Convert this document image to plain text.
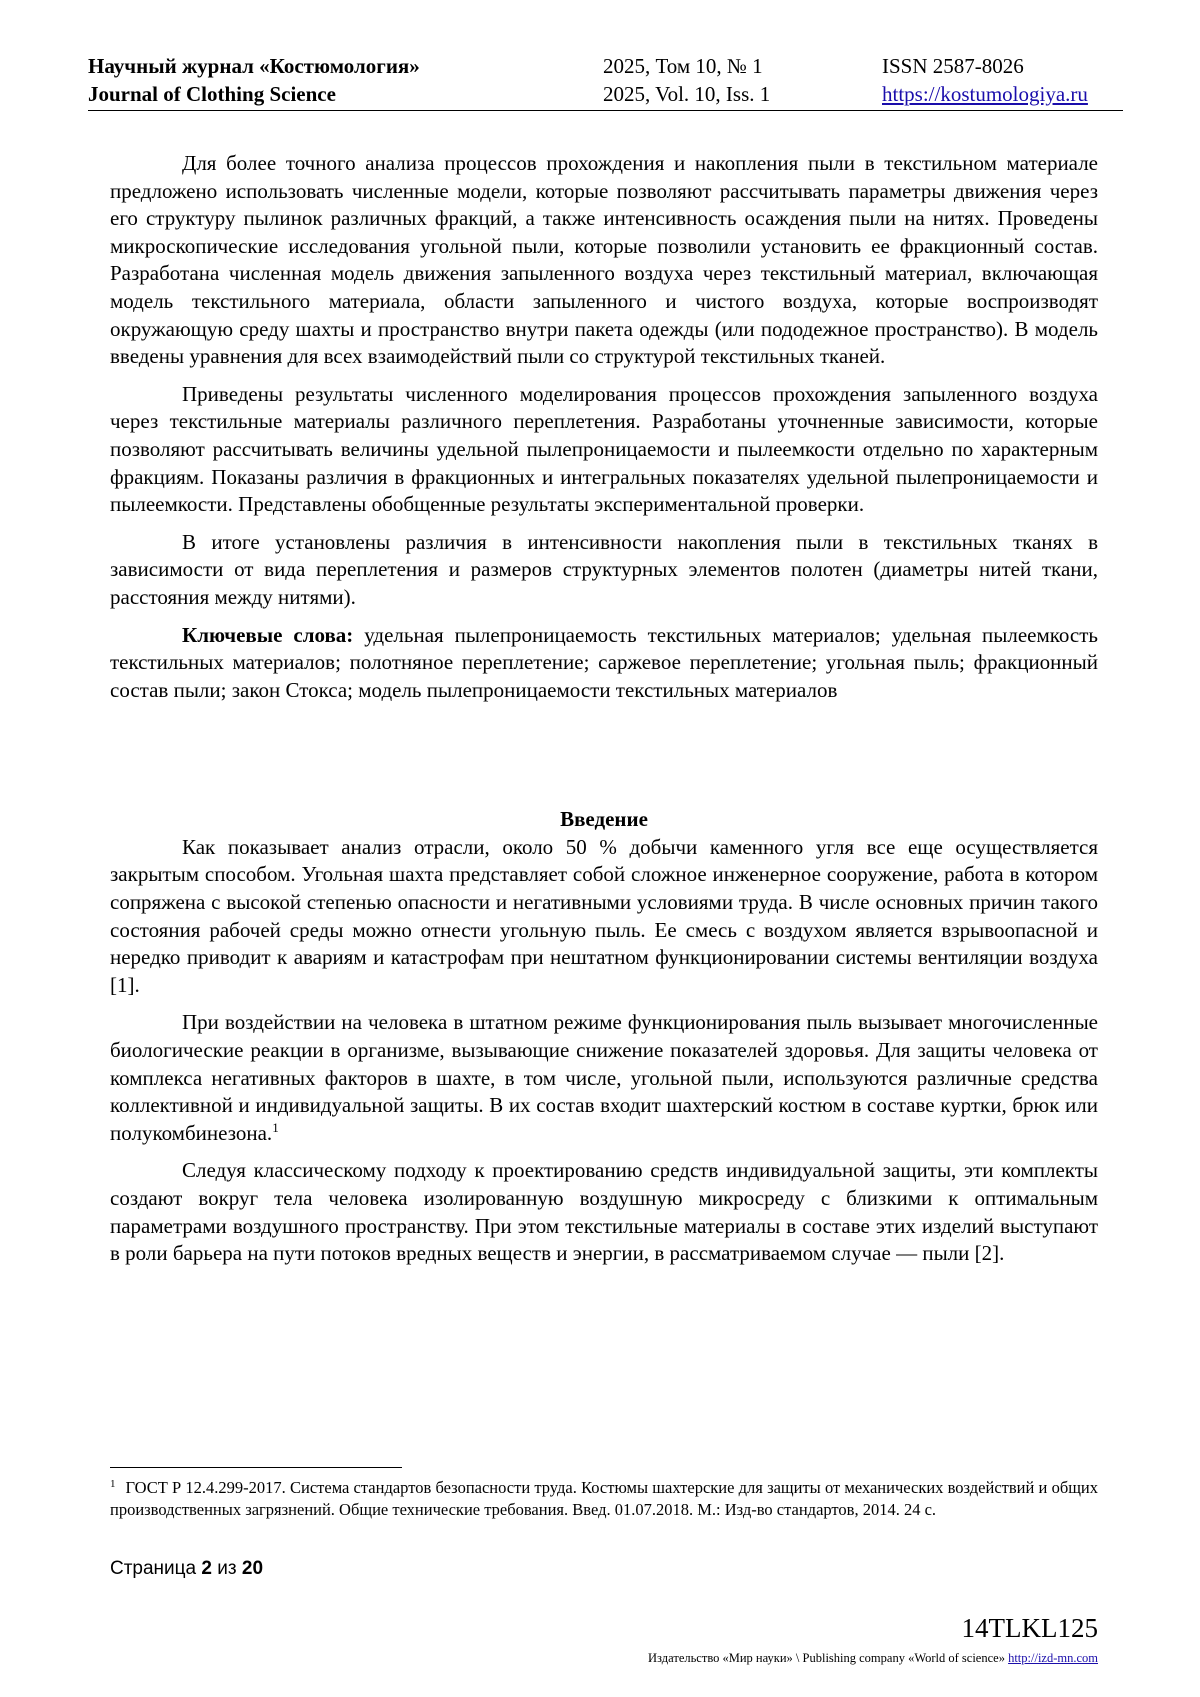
Научный журнал «Костюмология»
Journal of Clothing Science
2025, Том 10, № 1
2025, Vol. 10, Iss. 1
ISSN 2587-8026
https://kostumologiya.ru

Для более точного анализа процессов прохождения и накопления пыли в текстильном материале предложено использовать численные модели, которые позволяют рассчитывать параметры движения через его структуру пылинок различных фракций, а также интенсивность осаждения пыли на нитях. Проведены микроскопические исследования угольной пыли, которые позволили установить ее фракционный состав. Разработана численная модель движения запыленного воздуха через текстильный материал, включающая модель текстильного материала, области запыленного и чистого воздуха, которые воспроизводят окружающую среду шахты и пространство внутри пакета одежды (или пододежное пространство). В модель введены уравнения для всех взаимодействий пыли со структурой текстильных тканей.

Приведены результаты численного моделирования процессов прохождения запыленного воздуха через текстильные материалы различного переплетения. Разработаны уточненные зависимости, которые позволяют рассчитывать величины удельной пылепроницаемости и пылеемкости отдельно по характерным фракциям. Показаны различия в фракционных и интегральных показателях удельной пылепроницаемости и пылеемкости. Представлены обобщенные результаты экспериментальной проверки.

В итоге установлены различия в интенсивности накопления пыли в текстильных тканях в зависимости от вида переплетения и размеров структурных элементов полотен (диаметры нитей ткани, расстояния между нитями).

Ключевые слова: удельная пылепроницаемость текстильных материалов; удельная пылеемкость текстильных материалов; полотняное переплетение; саржевое переплетение; угольная пыль; фракционный состав пыли; закон Стокса; модель пылепроницаемости текстильных материалов

Введение

Как показывает анализ отрасли, около 50 % добычи каменного угля все еще осуществляется закрытым способом. Угольная шахта представляет собой сложное инженерное сооружение, работа в котором сопряжена с высокой степенью опасности и негативными условиями труда. В числе основных причин такого состояния рабочей среды можно отнести угольную пыль. Ее смесь с воздухом является взрывоопасной и нередко приводит к авариям и катастрофам при нештатном функционировании системы вентиляции воздуха [1].

При воздействии на человека в штатном режиме функционирования пыль вызывает многочисленные биологические реакции в организме, вызывающие снижение показателей здоровья. Для защиты человека от комплекса негативных факторов в шахте, в том числе, угольной пыли, используются различные средства коллективной и индивидуальной защиты. В их состав входит шахтерский костюм в составе куртки, брюк или полукомбинезона.$^1$

Следуя классическому подходу к проектированию средств индивидуальной защиты, эти комплекты создают вокруг тела человека изолированную воздушную микросреду с близкими к оптимальным параметрами воздушного пространству. При этом текстильные материалы в составе этих изделий выступают в роли барьера на пути потоков вредных веществ и энергии, в рассматриваемом случае — пыли [2].

$^1$ ГОСТ Р 12.4.299-2017. Система стандартов безопасности труда. Костюмы шахтерские для защиты от механических воздействий и общих производственных загрязнений. Общие технические требования. Введ. 01.07.2018. М.: Изд-во стандартов, 2014. 24 с.
Страница 2 из 20
14TLKL125
Издательство «Мир науки» \ Publishing company «World of science» http://izd-mn.com
